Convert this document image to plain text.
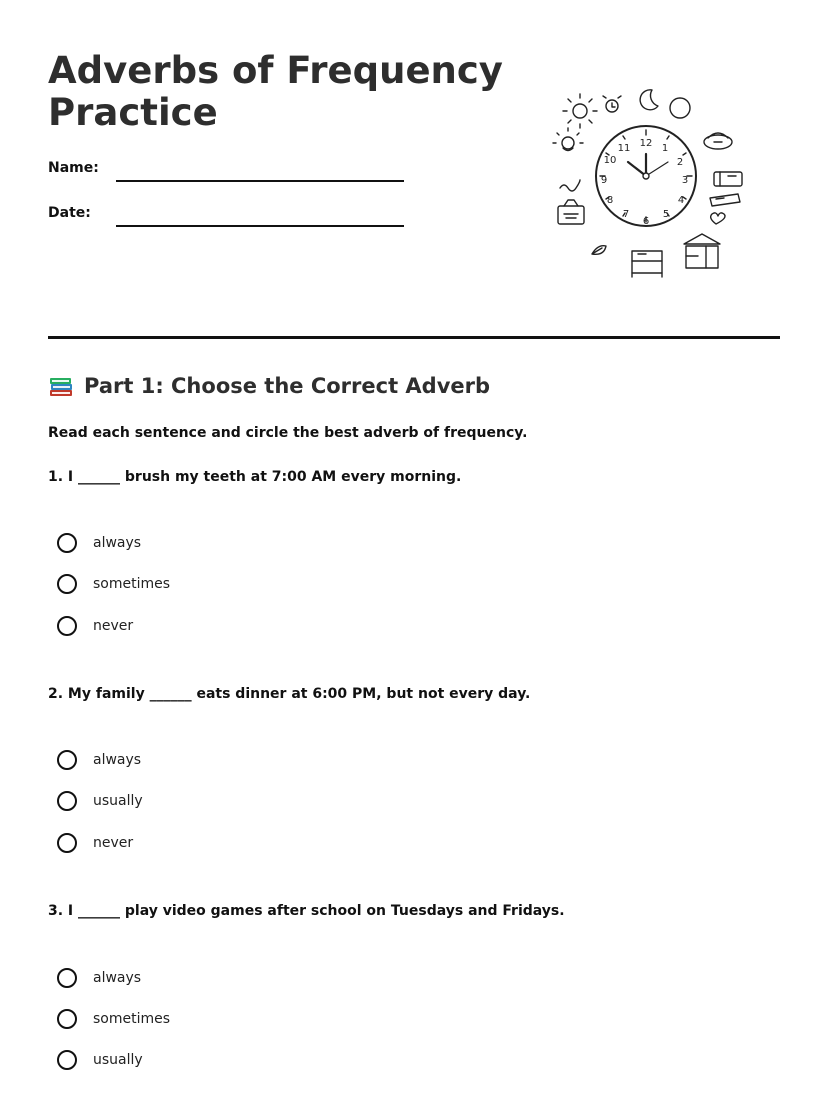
Adverbs of Frequency
Practice
Name:
Date:
12 1
2
3
4
5
6
7
8
9
10
11
Part 1: Choose the Correct Adverb
Read each sentence and circle the best adverb of frequency.
1. I ______ brush my teeth at 7:00 AM every morning.
always
sometimes
never
2. My family ______ eats dinner at 6:00 PM, but not every day.
always
usually
never
3. I ______ play video games after school on Tuesdays and Fridays.
always
sometimes
usually
